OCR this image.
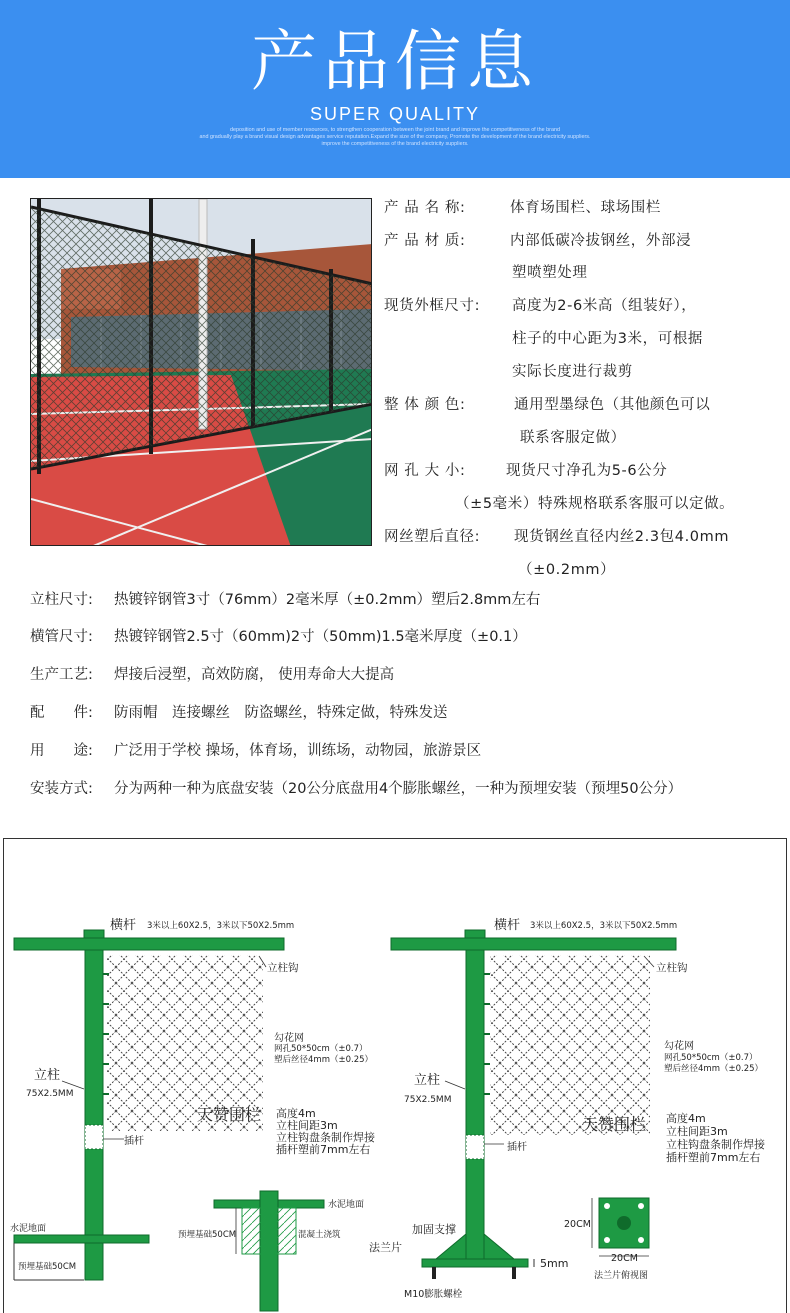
产品信息
SUPER QUALITY
deposition and use of member resources, to strengthen cooperation between the joint brand and improve the competitiveness of the brand
and gradually play a brand visual design advantages service reputation.Expand the size of the company, Promote the development of the brand electricity suppliers.
improve the competitiveness of the brand electricity suppliers.
产 品 名 称:	体育场围栏、球场围栏
产 品 材 质:	内部低碳冷拔钢丝，外部浸
塑喷塑处理
现货外框尺寸: 高度为2-6米高（组装好），
柱子的中心距为3米，可根据
实际长度进行裁剪
整 体 颜 色:	通用型墨绿色（其他颜色可以
联系客服定做）
网 孔 大 小:	现货尺寸净孔为5-6公分
（±5毫米）特殊规格联系客服可以定做。
网丝塑后直径: 现货钢丝直径内丝2.3包4.0mm
（±0.2mm）
立柱尺寸: 热镀锌钢管3寸（76mm）2毫米厚（±0.2mm）塑后2.8mm左右
横管尺寸: 热镀锌钢管2.5寸（60mm)2寸（50mm)1.5毫米厚度（±0.1）
生产工艺: 焊接后浸塑，高效防腐， 使用寿命大大提高
配　　件: 防雨帽　连接螺丝　防盗螺丝，特殊定做，特殊发送
用　　途: 广泛用于学校 操场，体育场，训练场，动物园，旅游景区
安装方式: 分为两种一种为底盘安装（20公分底盘用4个膨胀螺丝，一种为预埋安装（预埋50公分）
横杆 3米以上60X2.5，3米以下50X2.5mm
立柱钩
勾花网
网孔50*50cm（±0.7）
塑后丝径4mm（±0.25）
立柱
75X2.5MM
天赞围栏 高度4m
立柱间距3m
立柱钩盘条制作焊接
插杆塑前7mm左右
插杆
水泥地面
预埋基础50CM
水泥地面
预埋基础50CM	混凝土浇筑
横杆 3米以上60X2.5，3米以下50X2.5mm
立柱钩
勾花网
网孔50*50cm（±0.7）
塑后丝径4mm（±0.25）
立柱
75X2.5MM
天赞围栏 高度4m
立柱间距3m
立柱钩盘条制作焊接
插杆塑前7mm左右
插杆
加固支撑
法兰片
M10膨胀螺栓
5mm
20CM
20CM
法兰片俯视图
